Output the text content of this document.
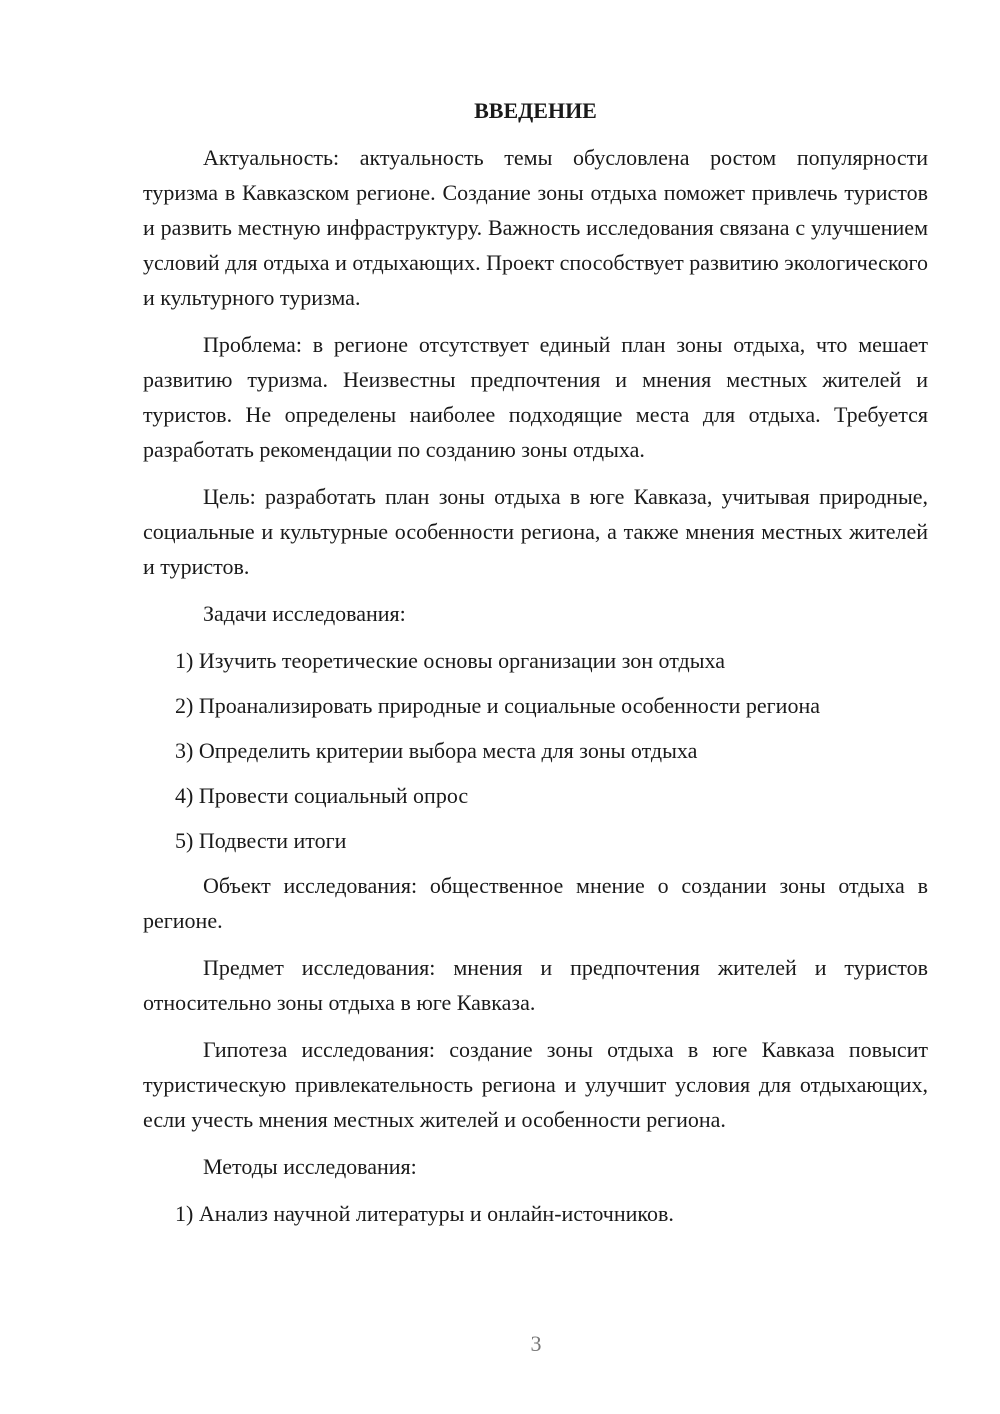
ВВЕДЕНИЕ

Актуальность: актуальность темы обусловлена ростом популярности туризма в Кавказском регионе. Создание зоны отдыха поможет привлечь туристов и развить местную инфраструктуру. Важность исследования связана с улучшением условий для отдыха и отдыхающих. Проект способствует развитию экологического и культурного туризма.

Проблема: в регионе отсутствует единый план зоны отдыха, что мешает развитию туризма. Неизвестны предпочтения и мнения местных жителей и туристов. Не определены наиболее подходящие места для отдыха. Требуется разработать рекомендации по созданию зоны отдыха.

Цель: разработать план зоны отдыха в юге Кавказа, учитывая природные, социальные и культурные особенности региона, а также мнения местных жителей и туристов.

Задачи исследования:

1) Изучить теоретические основы организации зон отдыха
2) Проанализировать природные и социальные особенности региона
3) Определить критерии выбора места для зоны отдыха
4) Провести социальный опрос
5) Подвести итоги

Объект исследования: общественное мнение о создании зоны отдыха в регионе.

Предмет исследования: мнения и предпочтения жителей и туристов относительно зоны отдыха в юге Кавказа.

Гипотеза исследования: создание зоны отдыха в юге Кавказа повысит туристическую привлекательность региона и улучшит условия для отдыхающих, если учесть мнения местных жителей и особенности региона.

Методы исследования:

1) Анализ научной литературы и онлайн-источников.
3
